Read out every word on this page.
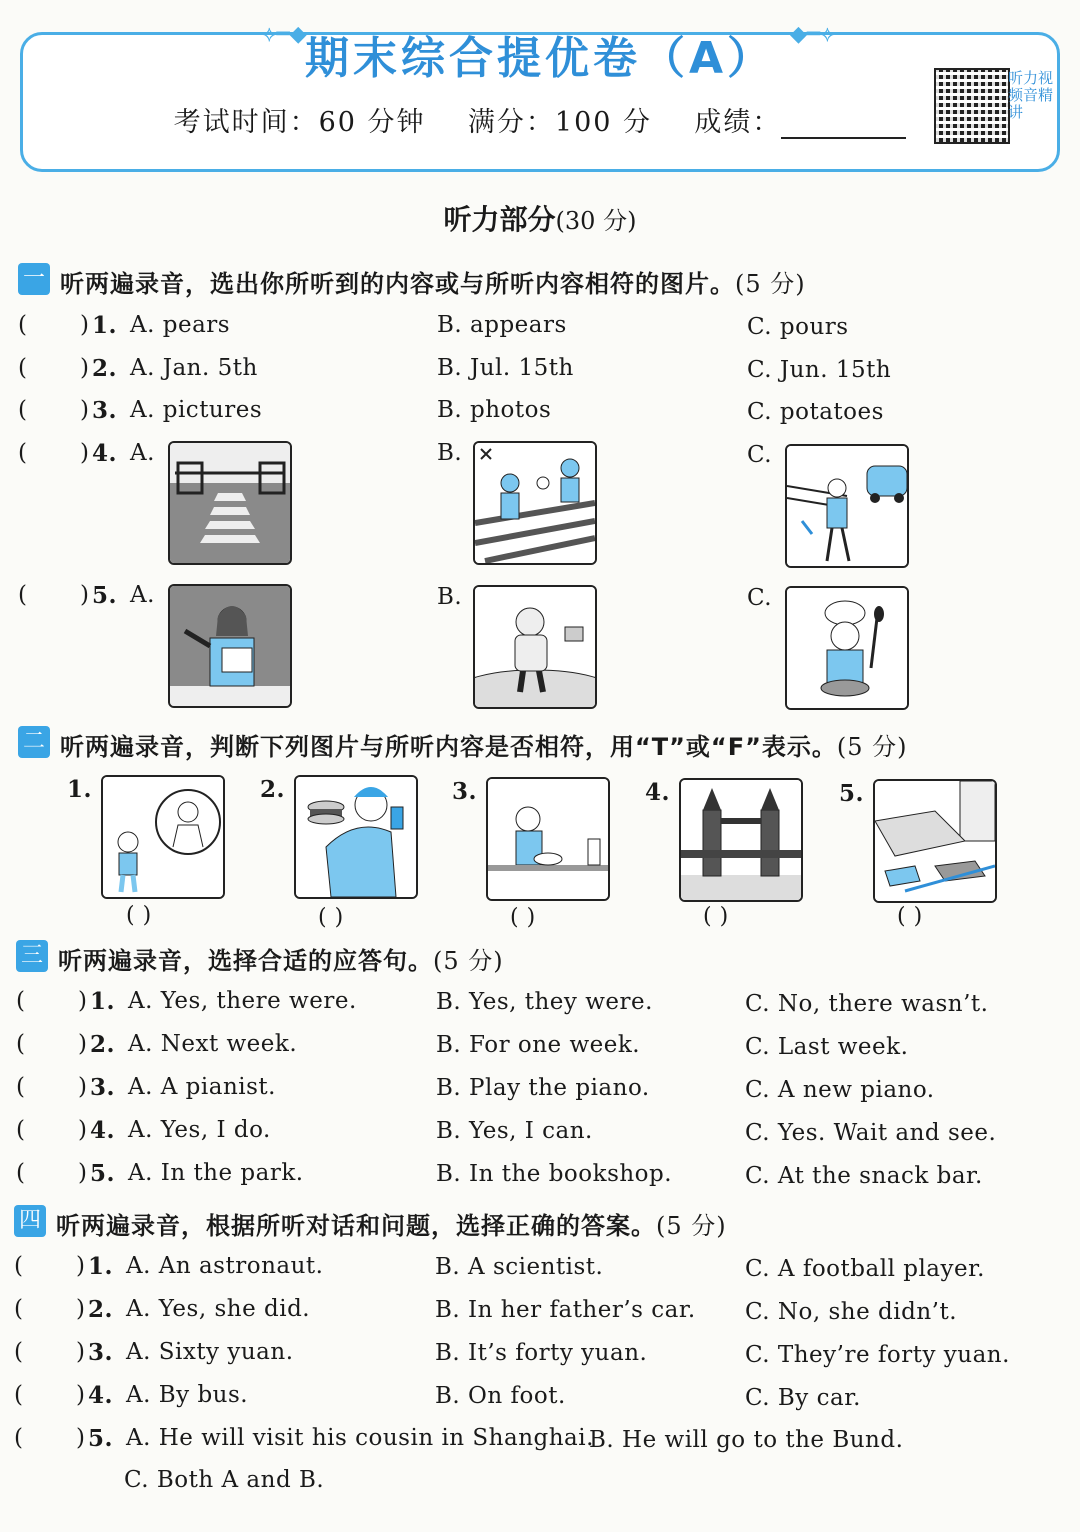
⟡━◆	◆━⟡
期末综合提优卷（A）
考试时间：60 分钟 满分：100 分 成绩：
听力视频音精讲
听力部分(30 分)
一 听两遍录音，选出你所听到的内容或与所听内容相符的图片。(5 分)
( ) 1. A. pears	B. appears	C. pours
( ) 2. A. Jan. 5th	B. Jul. 15th	C. Jun. 15th
( ) 3. A. pictures	B. photos	C. potatoes
( ) 4. A.	B.	C.
( ) 5. A.	B.	C.
二 听两遍录音，判断下列图片与所听内容是否相符，用“T”或“F”表示。(5 分)
1.
( )
2.
( )
3.
( )
4.
( )
5.
( )
三 听两遍录音，选择合适的应答句。(5 分)
( ) 1. A. Yes, there were.	B. Yes, they were.	C. No, there wasn’t.
( ) 2. A. Next week.	B. For one week.	C. Last week.
( ) 3. A. A pianist.	B. Play the piano.	C. A new piano.
( ) 4. A. Yes, I do.	B. Yes, I can.	C. Yes. Wait and see.
( ) 5. A. In the park.	B. In the bookshop.	C. At the snack bar.
四 听两遍录音，根据所听对话和问题，选择正确的答案。(5 分)
( ) 1. A. An astronaut.	B. A scientist.	C. A football player.
( ) 2. A. Yes, she did.	B. In her father’s car. C. No, she didn’t.
( ) 3. A. Sixty yuan.	B. It’s forty yuan.	C. They’re forty yuan.
( ) 4. A. By bus.	B. On foot.	C. By car.
( ) 5. A. He will visit his cousin in Shanghai.
B. He will go to the Bund.
C. Both A and B.
